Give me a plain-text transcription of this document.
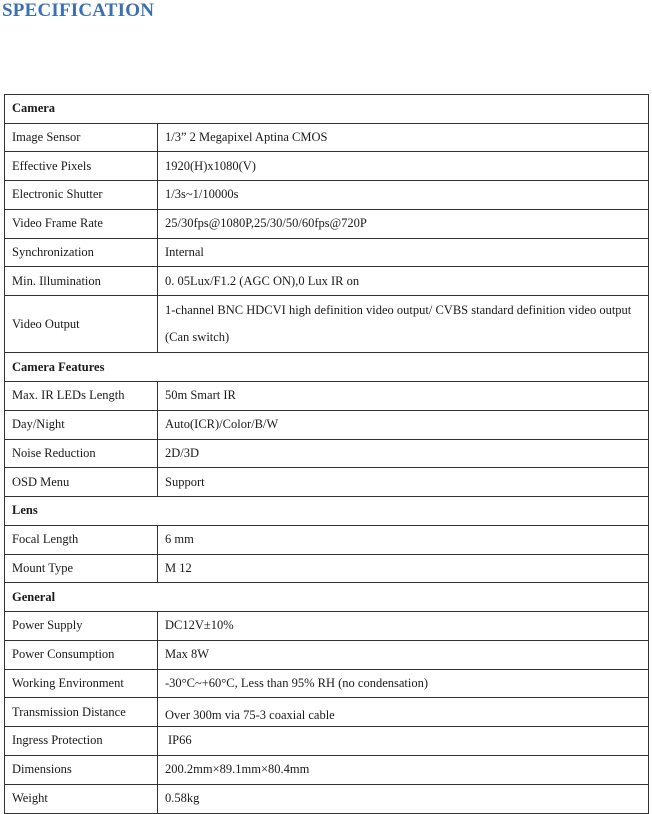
SPECIFICATION
Camera	
Image Sensor	1/3” 2 Megapixel Aptina CMOS
Effective Pixels	1920(H)x1080(V)
Electronic Shutter	1/3s~1/10000s
Video Frame Rate	25/30fps@1080P,25/30/50/60fps@720P
Synchronization	Internal
Min. Illumination	0. 05Lux/F1.2 (AGC ON),0 Lux IR on
Video Output	1-channel BNC HDCVI high definition video output/ CVBS standard definition video output (Can switch)
Camera Features	
Max. IR LEDs Length	50m Smart IR
Day/Night	Auto(ICR)/Color/B/W
Noise Reduction	2D/3D
OSD Menu	Support
Lens	
Focal Length	6 mm
Mount Type	M 12
General	
Power Supply	DC12V±10%
Power Consumption	Max 8W
Working Environment	-30°C~+60°C, Less than 95% RH (no condensation)
Transmission Distance	Over 300m via 75-3 coaxial cable
Ingress Protection	IP66
Dimensions	200.2mm×89.1mm×80.4mm
Weight	0.58kg
